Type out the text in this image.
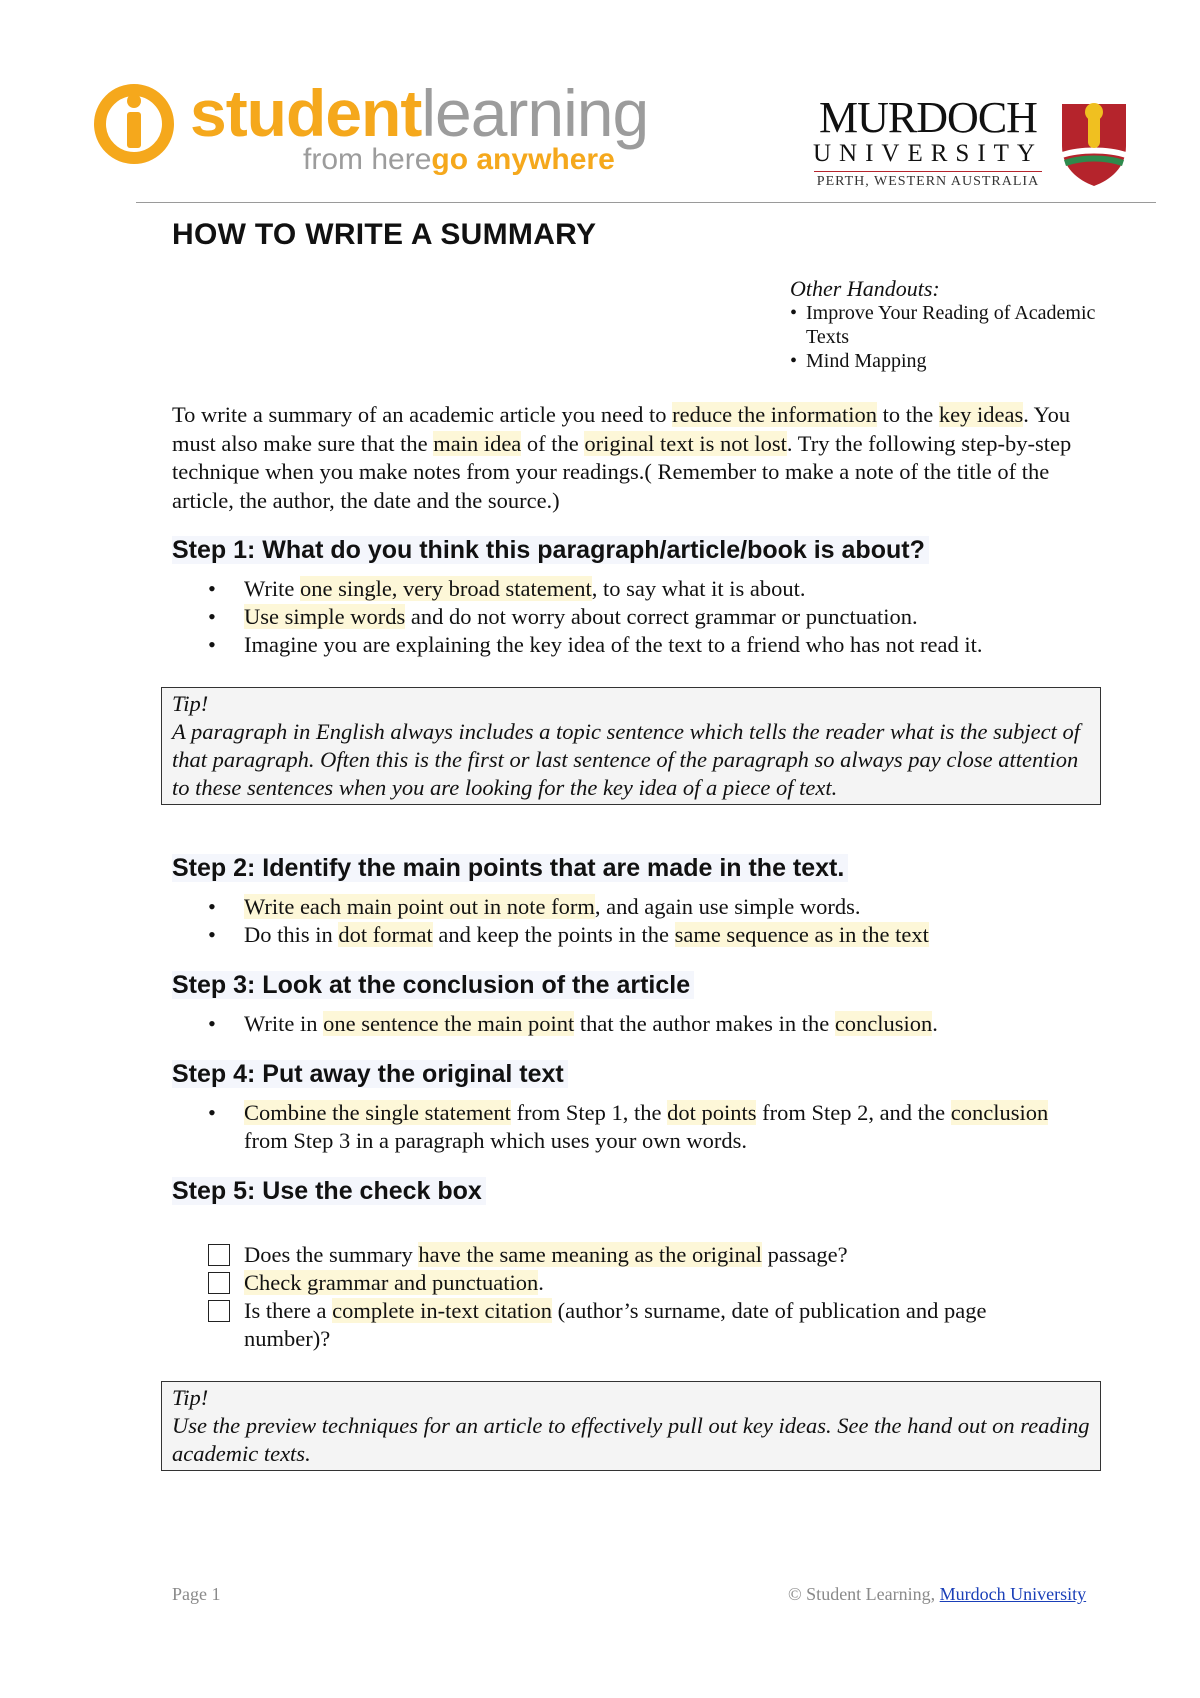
studentlearning
from herego anywhere
MURDOCH
UNIVERSITY
PERTH, WESTERN AUSTRALIA
HOW TO WRITE A SUMMARY
Other Handouts:
• Improve Your Reading of Academic Texts
• Mind Mapping
To write a summary of an academic article you need to reduce the information to the key ideas. You must also make sure that the main idea of the original text is not lost. Try the following step-by-step technique when you make notes from your readings.( Remember to make a note of the title of the article, the author, the date and the source.)
Step 1: What do you think this paragraph/article/book is about?
• Write one single, very broad statement, to say what it is about.
• Use simple words and do not worry about correct grammar or punctuation.
• Imagine you are explaining the key idea of the text to a friend who has not read it.
Tip!
A paragraph in English always includes a topic sentence which tells the reader what is the subject of that paragraph. Often this is the first or last sentence of the paragraph so always pay close attention to these sentences when you are looking for the key idea of a piece of text.
Step 2: Identify the main points that are made in the text.
• Write each main point out in note form, and again use simple words.
• Do this in dot format and keep the points in the same sequence as in the text
Step 3: Look at the conclusion of the article
• Write in one sentence the main point that the author makes in the conclusion.
Step 4: Put away the original text
• Combine the single statement from Step 1, the dot points from Step 2, and the conclusion from Step 3 in a paragraph which uses your own words.
Step 5: Use the check box
Does the summary have the same meaning as the original passage?
Check grammar and punctuation.
Is there a complete in-text citation (author’s surname, date of publication and page number)?
Tip!
Use the preview techniques for an article to effectively pull out key ideas. See the hand out on reading academic texts.
Page 1	© Student Learning, Murdoch University
